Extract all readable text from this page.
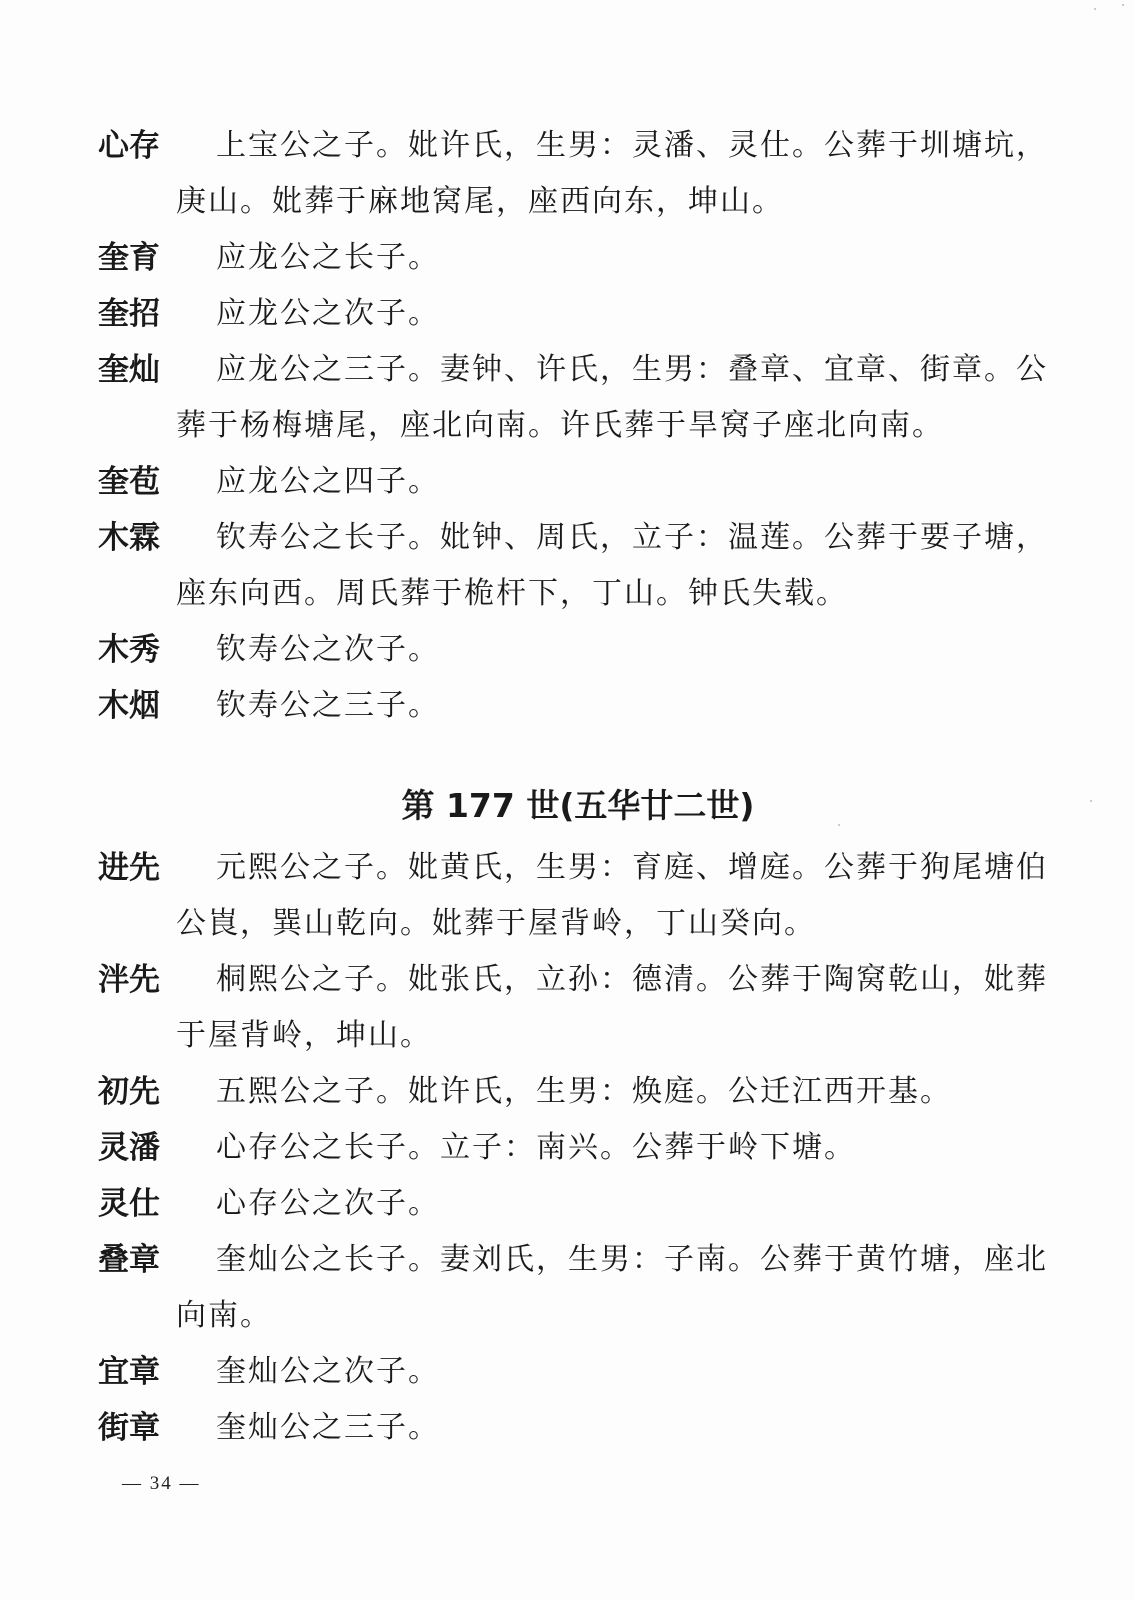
心存	上宝公之子。妣许氏，生男：灵潘、灵仕。公葬于圳塘坑，庚山。妣葬于麻地窝尾，座西向东，坤山。
奎育	应龙公之长子。
奎招	应龙公之次子。
奎灿	应龙公之三子。妻钟、许氏，生男：叠章、宜章、街章。公葬于杨梅塘尾，座北向南。许氏葬于旱窝子座北向南。
奎苞	应龙公之四子。
木霖	钦寿公之长子。妣钟、周氏，立子：温莲。公葬于要子塘，座东向西。周氏葬于桅杆下，丁山。钟氏失载。
木秀	钦寿公之次子。
木烟	钦寿公之三子。
第 177 世(五华廿二世)
进先	元熙公之子。妣黄氏，生男：育庭、增庭。公葬于狗尾塘伯公崀，巽山乾向。妣葬于屋背岭，丁山癸向。
泮先	桐熙公之子。妣张氏，立孙：德清。公葬于陶窝乾山，妣葬于屋背岭，坤山。
初先	五熙公之子。妣许氏，生男：焕庭。公迁江西开基。
灵潘	心存公之长子。立子：南兴。公葬于岭下塘。
灵仕	心存公之次子。
叠章	奎灿公之长子。妻刘氏，生男：子南。公葬于黄竹塘，座北向南。
宜章	奎灿公之次子。
街章	奎灿公之三子。
— 34 —
